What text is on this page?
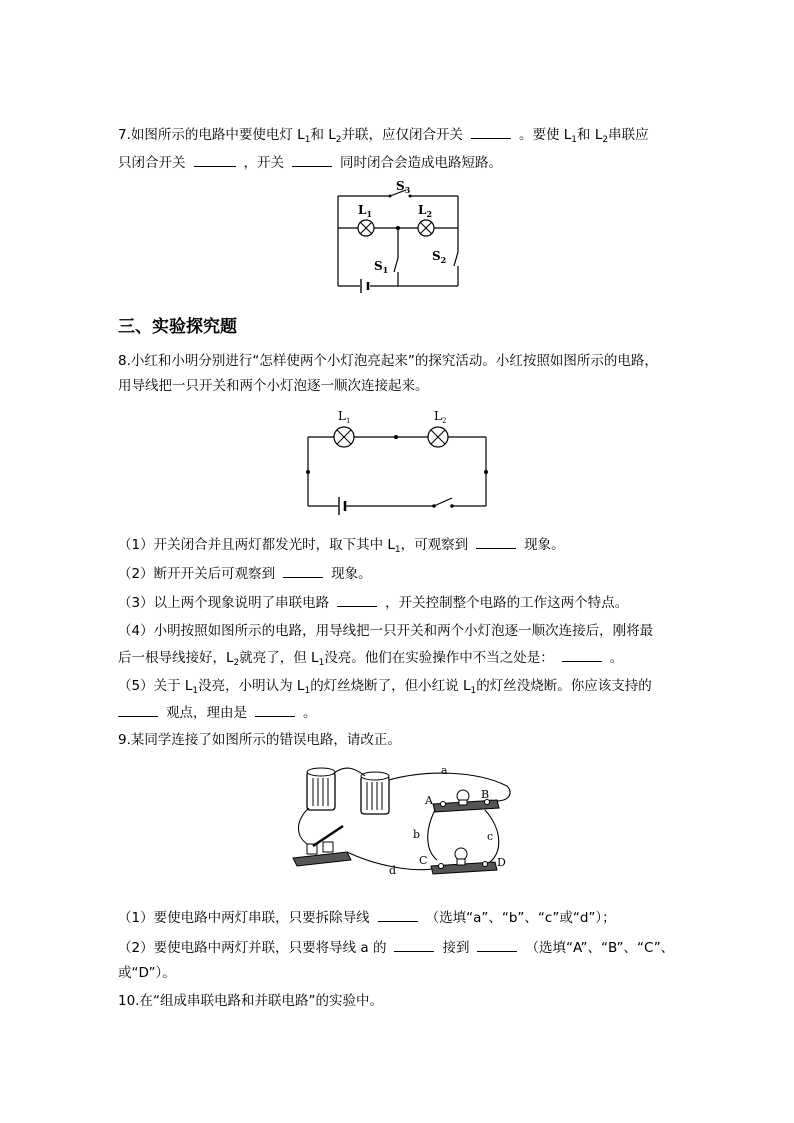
7.如图所示的电路中要使电灯 $L_1$和 $L_2$并联，应仅闭合开关	。要使 $L_1$和 $L_2$串联应
只闭合开关	，开关	同时闭合会造成电路短路。
$S_3$
$L_1$	$L_2$
$S_1$
$S_2$
三、实验探究题
8.小红和小明分别进行“怎样使两个小灯泡亮起来”的探究活动。小红按照如图所示的电路，
用导线把一只开关和两个小灯泡逐一顺次连接起来。
$L_1$	$L_2$
（1）开关闭合并且两灯都发光时，取下其中 $L_1$，可观察到	现象。
（2）断开开关后可观察到	现象。
（3）以上两个现象说明了串联电路	，开关控制整个电路的工作这两个特点。
（4）小明按照如图所示的电路，用导线把一只开关和两个小灯泡逐一顺次连接后，刚将最
后一根导线接好，$L_2$就亮了，但 $L_1$没亮。他们在实验操作中不当之处是：	。
（5）关于 $L_1$没亮，小明认为 $L_1$的灯丝烧断了，但小红说 $L_1$的灯丝没烧断。你应该支持的
观点，理由是	。
9.某同学连接了如图所示的错误电路，请改正。
a
b	c
d
A	B
C	D
（1）要使电路中两灯串联，只要拆除导线	（选填“a”、“b”、“c”或“d”）；
（2）要使电路中两灯并联，只要将导线 a 的	接到	（选填“A”、“B”、“C”、
或“D”）。
10.在“组成串联电路和并联电路”的实验中。
